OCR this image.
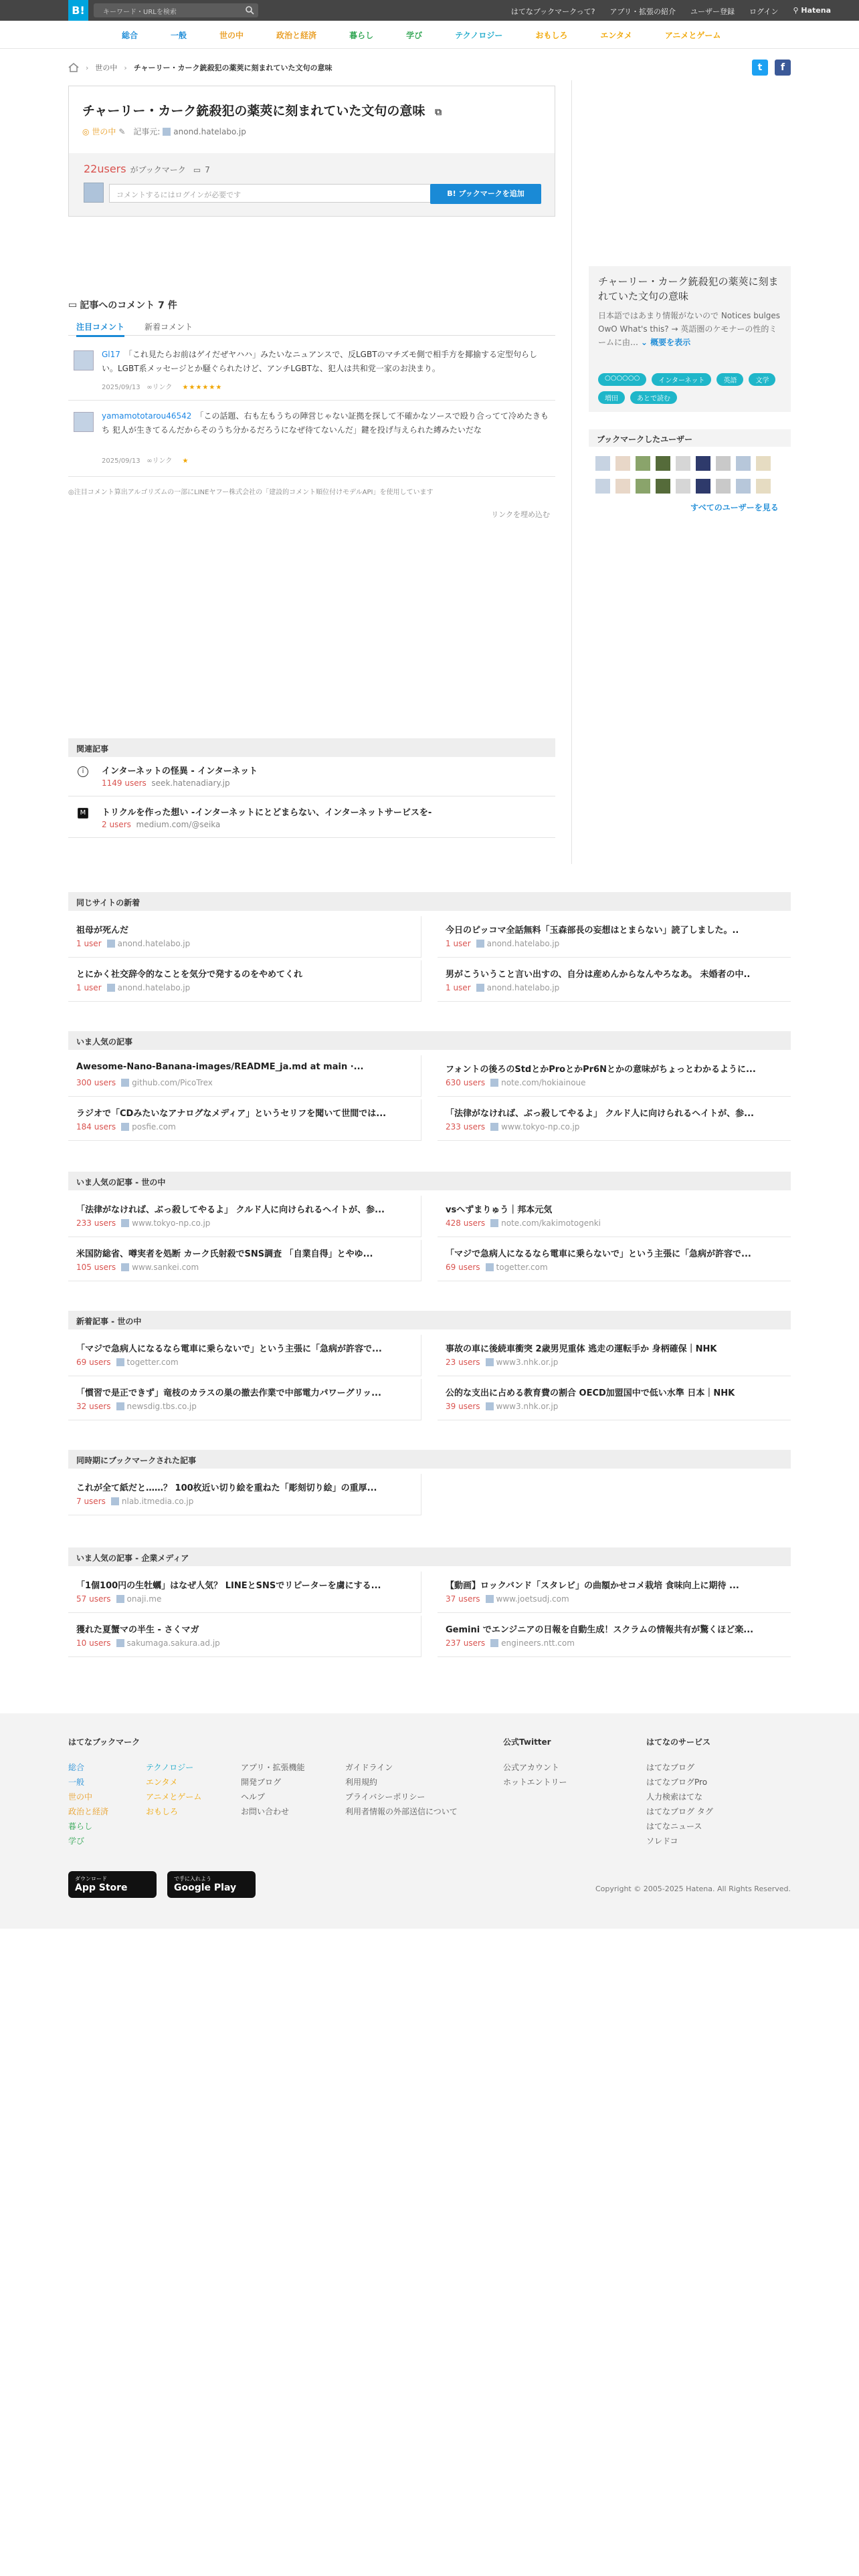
B!	キーワード・URLを検索	はてなブックマークって? アプリ・拡張の紹介 ユーザー登録 ログイン ⚲ Hatena
総合	一般	世の中	政治と経済	暮らし	学び	テクノロジー	おもしろ	エンタメ	アニメとゲーム
› 世の中 › チャーリー・カーク銃殺犯の薬莢に刻まれていた文句の意味	t	f
チャーリー・カーク銃殺犯の薬莢に刻まれていた文句の意味 ⧉
◎
世の中 ✎ 記事元:
anond.hatelabo.jp
22users がブックマーク ▭ 7
コメントするにはログインが必要です	B! ブックマークを追加
▭ 記事へのコメント 7 件
注目コメント 新着コメント
Gl17 「これ見たらお前はゲイだぜヤハハ」みたいなニュアンスで、反LGBTのマチズモ側で相手方を揶揄する定型句らしい。LGBT系メッセージとか騒ぐられたけど、アンチLGBTな、犯人は共和党一家のお決まり。
2025/09/13 ∞リンク ★★★★★★
yamamototarou46542 「この話題、右も左もうちの陣営じゃない証拠を探して不確かなソースで殴り合ってて冷めたきもち 犯人が生きてるんだからそのうち分かるだろうになぜ待てないんだ」鍵を投げ与えられた縛みたいだな
2025/09/13 ∞リンク ★
◎注目コメント算出アルゴリズムの一部にLINEヤフー株式会社の「建設的コメント順位付けモデルAPI」を使用しています
リンクを埋め込む
関連記事
i	インターネットの怪異 - インターネット
1149 users seek.hatenadiary.jp
M トリクルを作った想い -インターネットにとどまらない、インターネットサービスを-
2 users medium.com/@seika
チャーリー・カーク銃殺犯の薬莢に刻まれていた文句の意味
日本語ではあまり情報がないので Notices bulges OwO What's this? → 英語圏のケモナーの性的ミームに由… ⌄ 概要を表示
○○○○○○	インターネット	英語	文学
増田	あとで読む
ブックマークしたユーザー
すべてのユーザーを見る
同じサイトの新着
祖母が死んだ
1 user anond.hatelabo.jp
今日のピッコマ全話無料「玉森部長の妄想はとまらない」読了しました。..
1 user anond.hatelabo.jp
とにかく社交辞令的なことを気分で発するのをやめてくれ
1 user anond.hatelabo.jp
男がこういうこと言い出すの、自分は産めんからなんやろなあ。 未婚者の中..
1 user anond.hatelabo.jp
いま人気の記事
Awesome-Nano-Banana-images/README_ja.md at main ·...
300 users github.com/PicoTrex
フォントの後ろのStdとかProとかPr6Nとかの意味がちょっとわかるように...
630 users note.com/hokiainoue
ラジオで「CDみたいなアナログなメディア」というセリフを聞いて世間では...
184 users posfie.com
「法律がなければ、ぶっ殺してやるよ」 クルド人に向けられるヘイトが、参...
233 users www.tokyo-np.co.jp
いま人気の記事 - 世の中
「法律がなければ、ぶっ殺してやるよ」 クルド人に向けられるヘイトが、参...
233 users www.tokyo-np.co.jp
vsへずまりゅう｜邦本元気
428 users note.com/kakimotogenki
米国防総省、噂実者を処断 カーク氏射殺でSNS調査 「自業自得」とやゆ...
105 users www.sankei.com
「マジで急病人になるなら電車に乗らないで」という主張に「急病が許容で...
69 users togetter.com
新着記事 - 世の中
「マジで急病人になるなら電車に乗らないで」という主張に「急病が許容で...
69 users togetter.com
事故の車に後続車衝突 2歳男児重体 逃走の運転手か 身柄確保｜NHK
23 users www3.nhk.or.jp
「慣習で是正できず」竜枝のカラスの巣の撤去作業で中部電力パワーグリッ...
32 users newsdig.tbs.co.jp
公的な支出に占める教育費の割合 OECD加盟国中で低い水準 日本｜NHK
39 users www3.nhk.or.jp
同時期にブックマークされた記事
これが全て紙だと……？ 100枚近い切り絵を重ねた「彫刻切り絵」の重厚...
7 users nlab.itmedia.co.jp
いま人気の記事 - 企業メディア
「1個100円の生牡蠣」はなぜ人気？ LINEとSNSでリピーターを虜にする...
57 users onaji.me
【動画】ロックバンド「スタレビ」の曲額かせコメ栽培 食味向上に期待 ...
37 users www.joetsudj.com
獲れた夏蟹マの半生 - さくマガ
10 users sakumaga.sakura.ad.jp
Gemini でエンジニアの日報を自動生成！スクラムの情報共有が驚くほど楽...
237 users engineers.ntt.com
はてなブックマーク
総合
一般
世の中
政治と経済
暮らし
学び
テクノロジー
エンタメ
アニメとゲーム
おもしろ
アプリ・拡張機能
開発ブログ
ヘルプ
お問い合わせ
ガイドライン
利用規約
プライバシーポリシー
利用者情報の外部送信について
公式Twitter
公式アカウント
ホットエントリー
はてなのサービス
はてなブログ
はてなブログPro
人力検索はてな
はてなブログ タグ
はてなニュース
ソレドコ
ダウンロード
App Store
で手に入れよう
Google Play	Copyright © 2005-2025 Hatena. All Rights Reserved.
